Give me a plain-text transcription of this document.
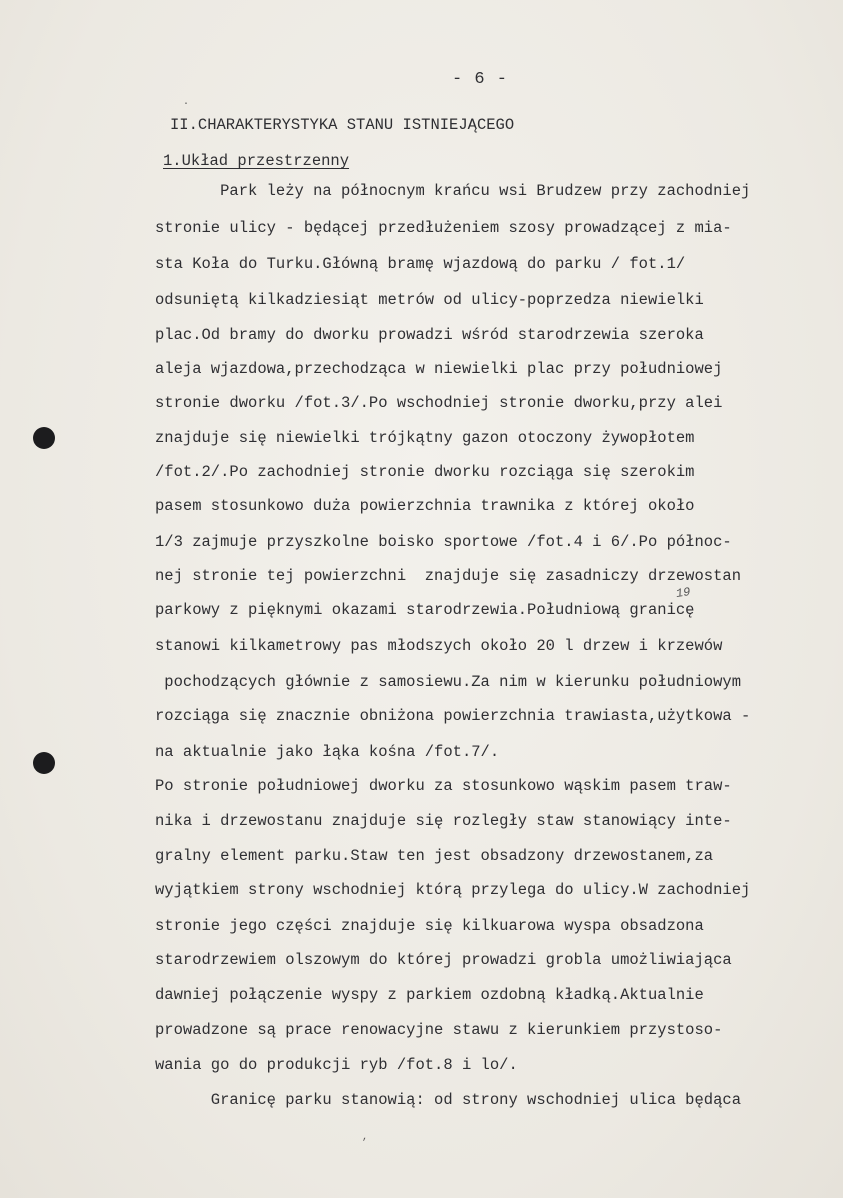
- 6 -
II.CHARAKTERYSTYKA STANU ISTNIEJĄCEGO
1.Układ przestrzenny
19
Park leży na północnym krańcu wsi Brudzew przy zachodniej
stronie ulicy - będącej przedłużeniem szosy prowadzącej z mia-
sta Koła do Turku.Główną bramę wjazdową do parku / fot.1/
odsuniętą kilkadziesiąt metrów od ulicy-poprzedza niewielki
plac.Od bramy do dworku prowadzi wśród starodrzewia szeroka
aleja wjazdowa,przechodząca w niewielki plac przy południowej
stronie dworku /fot.3/.Po wschodniej stronie dworku,przy alei
znajduje się niewielki trójkątny gazon otoczony żywopłotem
/fot.2/.Po zachodniej stronie dworku rozciąga się szerokim
pasem stosunkowo duża powierzchnia trawnika z której około
1/3 zajmuje przyszkolne boisko sportowe /fot.4 i 6/.Po północ-
nej stronie tej powierzchni  znajduje się zasadniczy drzewostan
parkowy z pięknymi okazami starodrzewia.Południową granicę
stanowi kilkametrowy pas młodszych około 20 l drzew i krzewów
pochodzących głównie z samosiewu.Za nim w kierunku południowym
rozciąga się znacznie obniżona powierzchnia trawiasta,użytkowa -
na aktualnie jako łąka kośna /fot.7/.
Po stronie południowej dworku za stosunkowo wąskim pasem traw-
nika i drzewostanu znajduje się rozległy staw stanowiący inte-
gralny element parku.Staw ten jest obsadzony drzewostanem,za
wyjątkiem strony wschodniej którą przylega do ulicy.W zachodniej
stronie jego części znajduje się kilkuarowa wyspa obsadzona
starodrzewiem olszowym do której prowadzi grobla umożliwiająca
dawniej połączenie wyspy z parkiem ozdobną kładką.Aktualnie
prowadzone są prace renowacyjne stawu z kierunkiem przystoso-
wania go do produkcji ryb /fot.8 i lo/.
Granicę parku stanowią: od strony wschodniej ulica będąca
,
.
